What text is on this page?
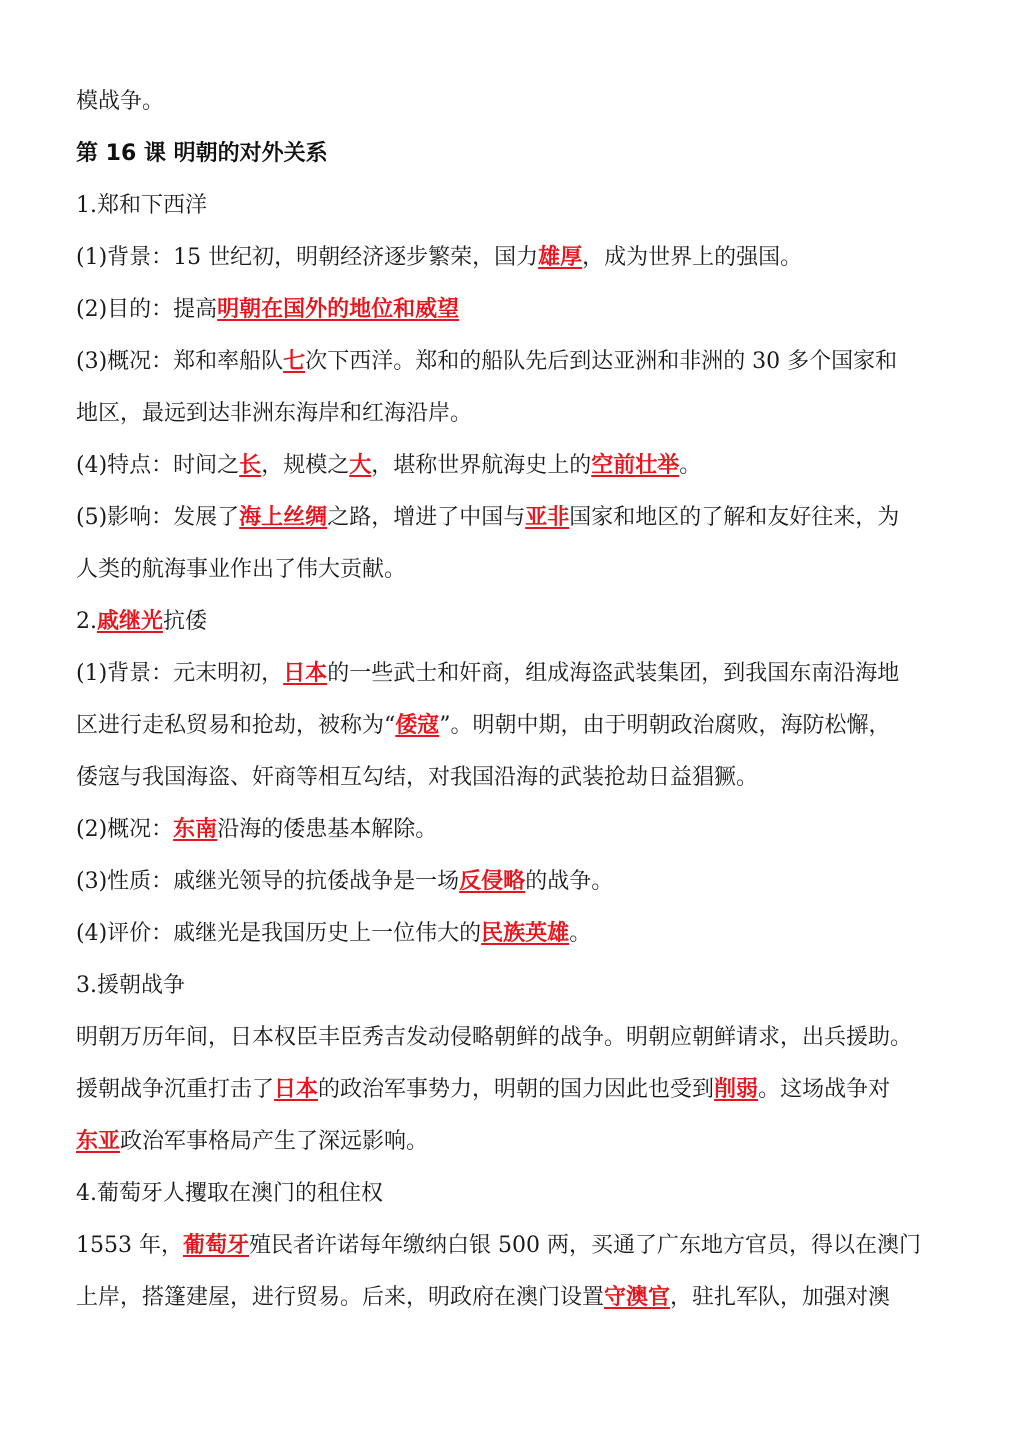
模战争。
第 16 课 明朝的对外关系
1.郑和下西洋
(1)背景：15 世纪初，明朝经济逐步繁荣，国力雄厚，成为世界上的强国。
(2)目的：提高明朝在国外的地位和威望
(3)概况：郑和率船队七次下西洋。郑和的船队先后到达亚洲和非洲的 30 多个国家和
地区，最远到达非洲东海岸和红海沿岸。
(4)特点：时间之长，规模之大，堪称世界航海史上的空前壮举。
(5)影响：发展了海上丝绸之路，增进了中国与亚非国家和地区的了解和友好往来，为
人类的航海事业作出了伟大贡献。
2.戚继光抗倭
(1)背景：元末明初，日本的一些武士和奸商，组成海盗武装集团，到我国东南沿海地
区进行走私贸易和抢劫，被称为“倭寇”。明朝中期，由于明朝政治腐败，海防松懈，
倭寇与我国海盗、奸商等相互勾结，对我国沿海的武装抢劫日益猖獗。
(2)概况：东南沿海的倭患基本解除。
(3)性质：戚继光领导的抗倭战争是一场反侵略的战争。
(4)评价：戚继光是我国历史上一位伟大的民族英雄。
3.援朝战争
明朝万历年间，日本权臣丰臣秀吉发动侵略朝鲜的战争。明朝应朝鲜请求，出兵援助。
援朝战争沉重打击了日本的政治军事势力，明朝的国力因此也受到削弱。这场战争对
东亚政治军事格局产生了深远影响。
4.葡萄牙人攫取在澳门的租住权
1553 年，葡萄牙殖民者许诺每年缴纳白银 500 两，买通了广东地方官员，得以在澳门
上岸，搭篷建屋，进行贸易。后来，明政府在澳门设置守澳官，驻扎军队，加强对澳
